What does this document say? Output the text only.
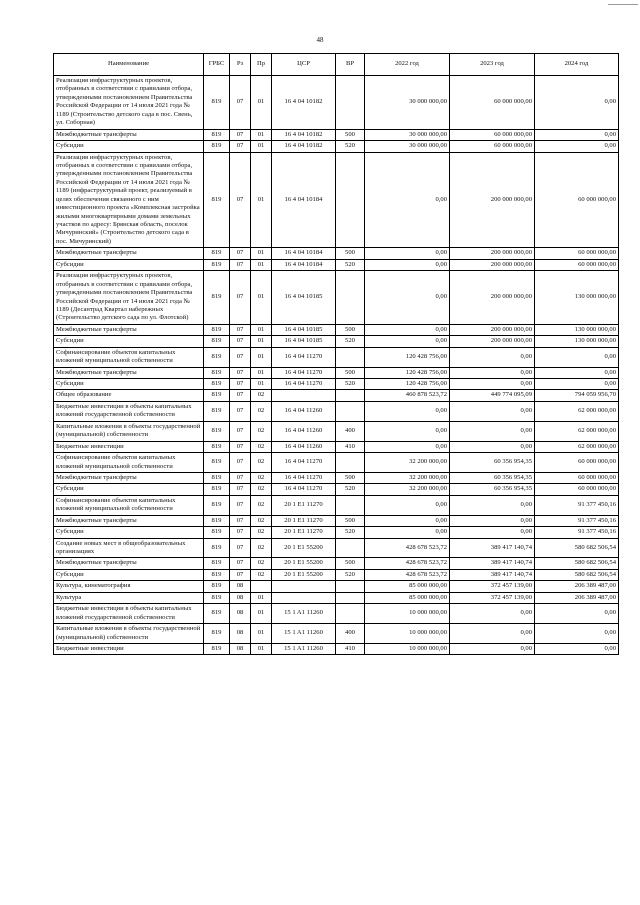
48
Наименование	ГРБС	Рз	Пр	ЦСР	ВР	2022 год	2023 год	2024 год
Реализация инфраструктурных проектов, отобранных в соответствии с правилами отбора, утвержденными постановлением Правительства Российской Федерации от 14 июля 2021 года № 1189 (Строительство детского сада в пос. Свень, ул. Соборная)	819	07	01	16 4 04 10182		30 000 000,00	60 000 000,00	0,00
Межбюджетные трансферты	819	07	01	16 4 04 10182	500	30 000 000,00	60 000 000,00	0,00
Субсидии	819	07	01	16 4 04 10182	520	30 000 000,00	60 000 000,00	0,00
Реализация инфраструктурных проектов, отобранных в соответствии с правилами отбора, утвержденными постановлением Правительства Российской Федерации от 14 июля 2021 года № 1189 (инфраструктурный проект, реализуемый в целях обеспечения связанного с ним инвестиционного проекта «Комплексная застройка жилыми многоквартирными домами земельных участков по адресу: Брянская область, поселок Мичуринский» (Строительство детского сада в пос. Мичуринский)	819	07	01	16 4 04 10184		0,00	200 000 000,00	60 000 000,00
Межбюджетные трансферты	819	07	01	16 4 04 10184	500	0,00	200 000 000,00	60 000 000,00
Субсидии	819	07	01	16 4 04 10184	520	0,00	200 000 000,00	60 000 000,00
Реализация инфраструктурных проектов, отобранных в соответствии с правилами отбора, утвержденными постановлением Правительства Российской Федерации от 14 июля 2021 года № 1189 (Десантрад Квартал набережных (Строительство детского сада по ул. Флотской)	819	07	01	16 4 04 10185		0,00	200 000 000,00	130 000 000,00
Межбюджетные трансферты	819	07	01	16 4 04 10185	500	0,00	200 000 000,00	130 000 000,00
Субсидии	819	07	01	16 4 04 10185	520	0,00	200 000 000,00	130 000 000,00
Софинансирование объектов капитальных вложений муниципальной собственности	819	07	01	16 4 04 11270		120 428 756,00	0,00	0,00
Межбюджетные трансферты	819	07	01	16 4 04 11270	500	120 428 756,00	0,00	0,00
Субсидии	819	07	01	16 4 04 11270	520	120 428 756,00	0,00	0,00
Общее образование	819	07	02			460 878 523,72	449 774 095,09	794 059 956,70
Бюджетные инвестиции в объекты капитальных вложений государственной собственности	819	07	02	16 4 04 11260		0,00	0,00	62 000 000,00
Капитальные вложения в объекты государственной (муниципальной) собственности	819	07	02	16 4 04 11260	400	0,00	0,00	62 000 000,00
Бюджетные инвестиции	819	07	02	16 4 04 11260	410	0,00	0,00	62 000 000,00
Софинансирование объектов капитальных вложений муниципальной собственности	819	07	02	16 4 04 11270		32 200 000,00	60 356 954,35	60 000 000,00
Межбюджетные трансферты	819	07	02	16 4 04 11270	500	32 200 000,00	60 356 954,35	60 000 000,00
Субсидии	819	07	02	16 4 04 11270	520	32 200 000,00	60 356 954,35	60 000 000,00
Софинансирование объектов капитальных вложений муниципальной собственности	819	07	02	20 1 E1 11270		0,00	0,00	91 377 450,16
Межбюджетные трансферты	819	07	02	20 1 E1 11270	500	0,00	0,00	91 377 450,16
Субсидии	819	07	02	20 1 E1 11270	520	0,00	0,00	91 377 450,16
Создание новых мест в общеобразовательных организациях	819	07	02	20 1 E1 55200		428 678 523,72	389 417 140,74	580 682 506,54
Межбюджетные трансферты	819	07	02	20 1 E1 55200	500	428 678 523,72	389 417 140,74	580 682 506,54
Субсидии	819	07	02	20 1 E1 55200	520	428 678 523,72	389 417 140,74	580 682 506,54
Культура, кинематография	819	08				85 000 000,00	372 457 139,00	206 389 487,00
Культура	819	08	01			85 000 000,00	372 457 139,00	206 389 487,00
Бюджетные инвестиции в объекты капитальных вложений государственной собственности	819	08	01	15 1 A1 11260		10 000 000,00	0,00	0,00
Капитальные вложения в объекты государственной (муниципальной) собственности	819	08	01	15 1 A1 11260	400	10 000 000,00	0,00	0,00
Бюджетные инвестиции	819	08	01	15 1 A1 11260	410	10 000 000,00	0,00	0,00
